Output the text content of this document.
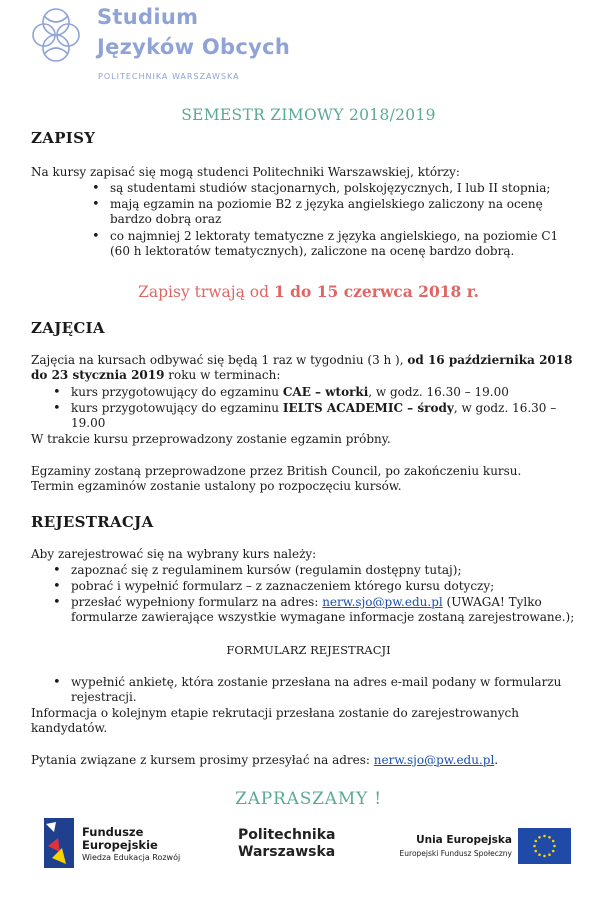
Studium
Języków Obcych
POLITECHNIKA WARSZAWSKA
SEMESTR ZIMOWY 2018/2019
ZAPISY

Na kursy zapisać się mogą studenci Politechniki Warszawskiej, którzy:

• są studentami studiów stacjonarnych, polskojęzycznych, I lub II stopnia;
• mają egzamin na poziomie B2 z języka angielskiego zaliczony na ocenę bardzo dobrą oraz
• co najmniej 2 lektoraty tematyczne z języka angielskiego, na poziomie C1 (60 h lektoratów tematycznych), zaliczone na ocenę bardzo dobrą.
Zapisy trwają od 1 do 15 czerwca 2018 r.
ZAJĘCIA

Zajęcia na kursach odbywać się będą 1 raz w tygodniu (3 h ), od 16 października 2018 do 23 stycznia 2019 roku w terminach:

• kurs przygotowujący do egzaminu CAE – wtorki, w godz. 16.30 – 19.00
• kurs przygotowujący do egzaminu IELTS ACADEMIC – środy, w godz. 16.30 – 19.00

W trakcie kursu przeprowadzony zostanie egzamin próbny.

Egzaminy zostaną przeprowadzone przez British Council, po zakończeniu kursu. Termin egzaminów zostanie ustalony po rozpoczęciu kursów.

REJESTRACJA

Aby zarejestrować się na wybrany kurs należy:

• zapoznać się z regulaminem kursów (regulamin dostępny tutaj);
• pobrać i wypełnić formularz – z zaznaczeniem którego kursu dotyczy;
• przesłać wypełniony formularz na adres: nerw.sjo@pw.edu.pl (UWAGA! Tylko formularze zawierające wszystkie wymagane informacje zostaną zarejestrowane.);
FORMULARZ REJESTRACJI
• wypełnić ankietę, która zostanie przesłana na adres e-mail podany w formularzu rejestracji.

Informacja o kolejnym etapie rekrutacji przesłana zostanie do zarejestrowanych kandydatów.

Pytania związane z kursem prosimy przesyłać na adres: nerw.sjo@pw.edu.pl.

ZAPRASZAMY !
Fundusze
Europejskie
Wiedza Edukacja Rozwój
Politechnika
Warszawska
Unia Europejska
Europejski Fundusz Społeczny
